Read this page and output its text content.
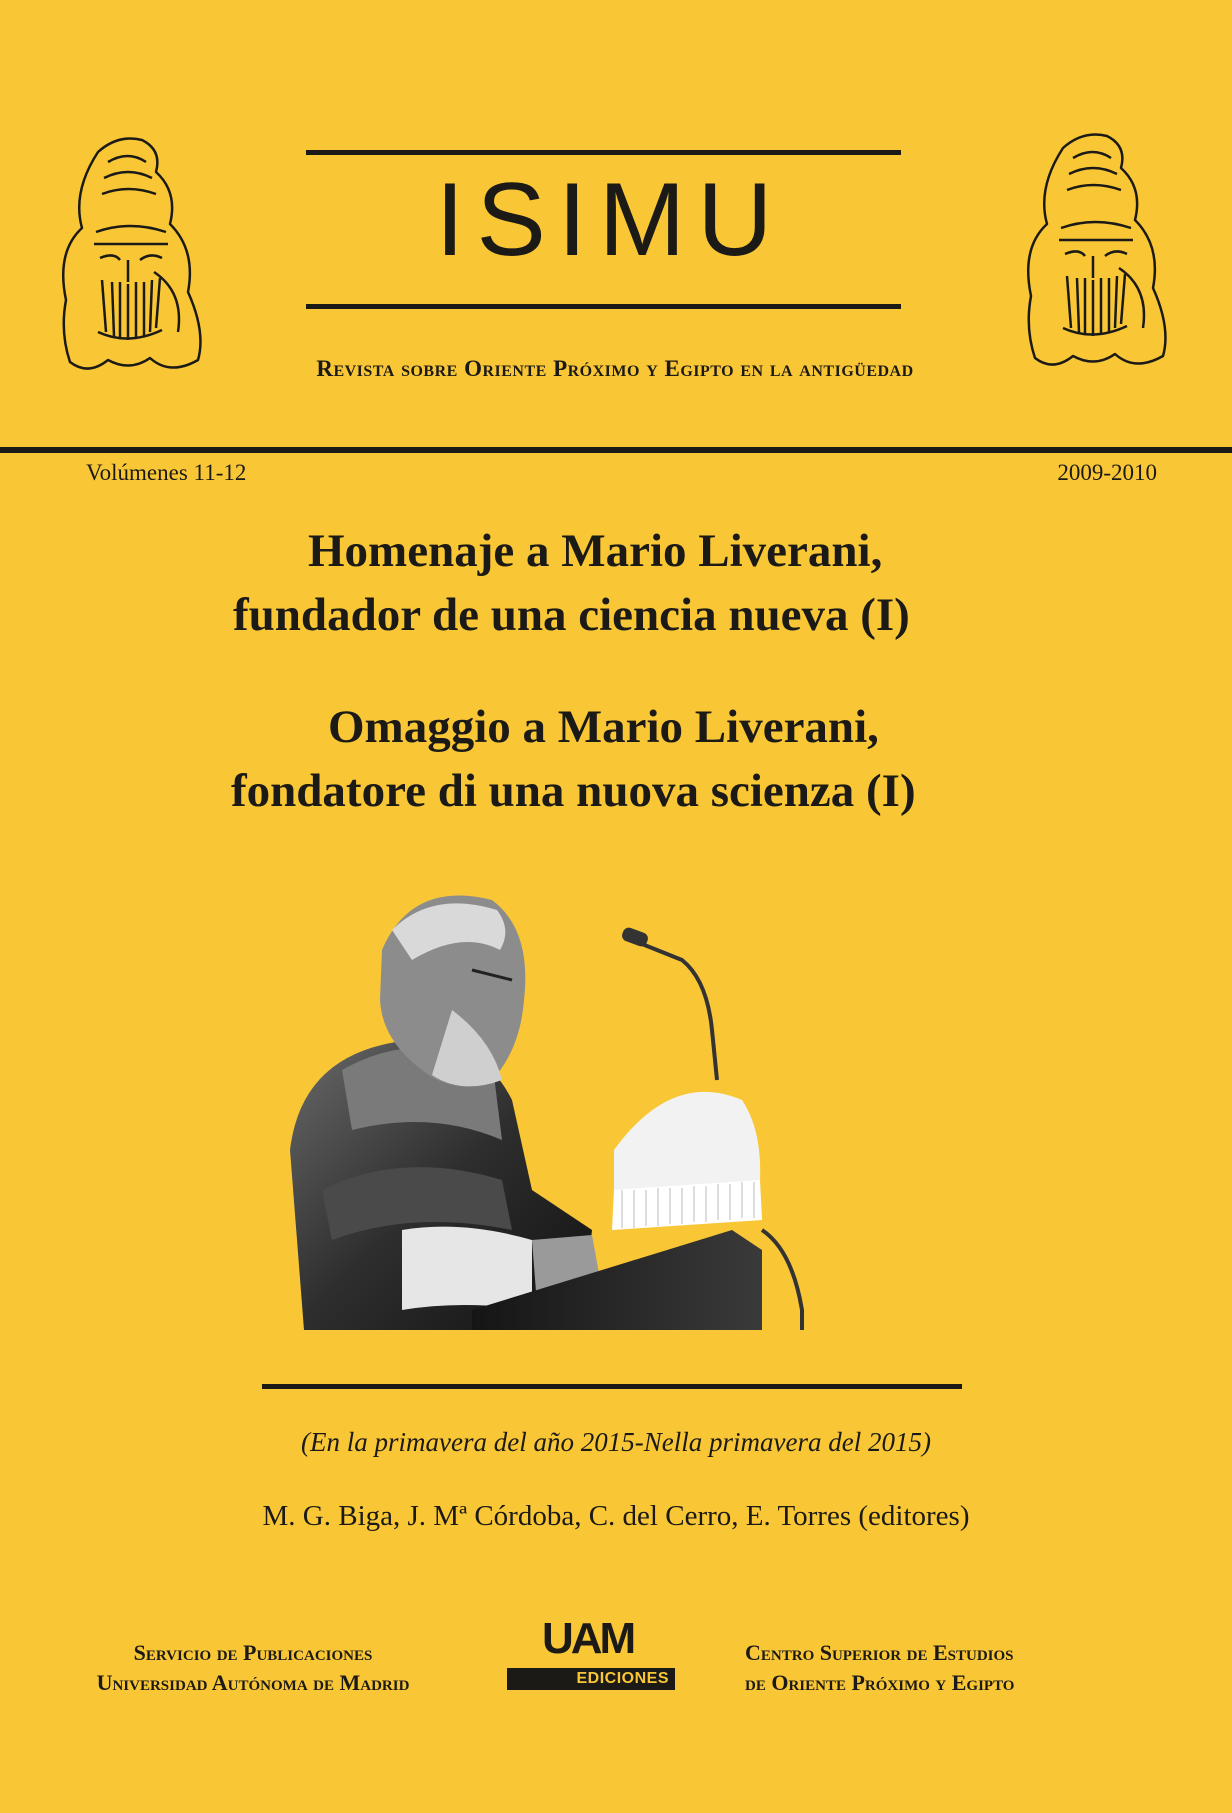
ISIMU
Revista sobre Oriente Próximo y Egipto en la antigüedad
Volúmenes 11-12	2009-2010
Homenaje a Mario Liverani,
fundador de una ciencia nueva (I)
Omaggio a Mario Liverani,
fondatore di una nuova scienza (I)
(En la primavera del año 2015-Nella primavera del 2015)
M. G. Biga, J. Mª Córdoba, C. del Cerro, E. Torres (editores)
Servicio de Publicaciones
Universidad Autónoma de Madrid
UAM
EDICIONES
Centro Superior de Estudios
de Oriente Próximo y Egipto
